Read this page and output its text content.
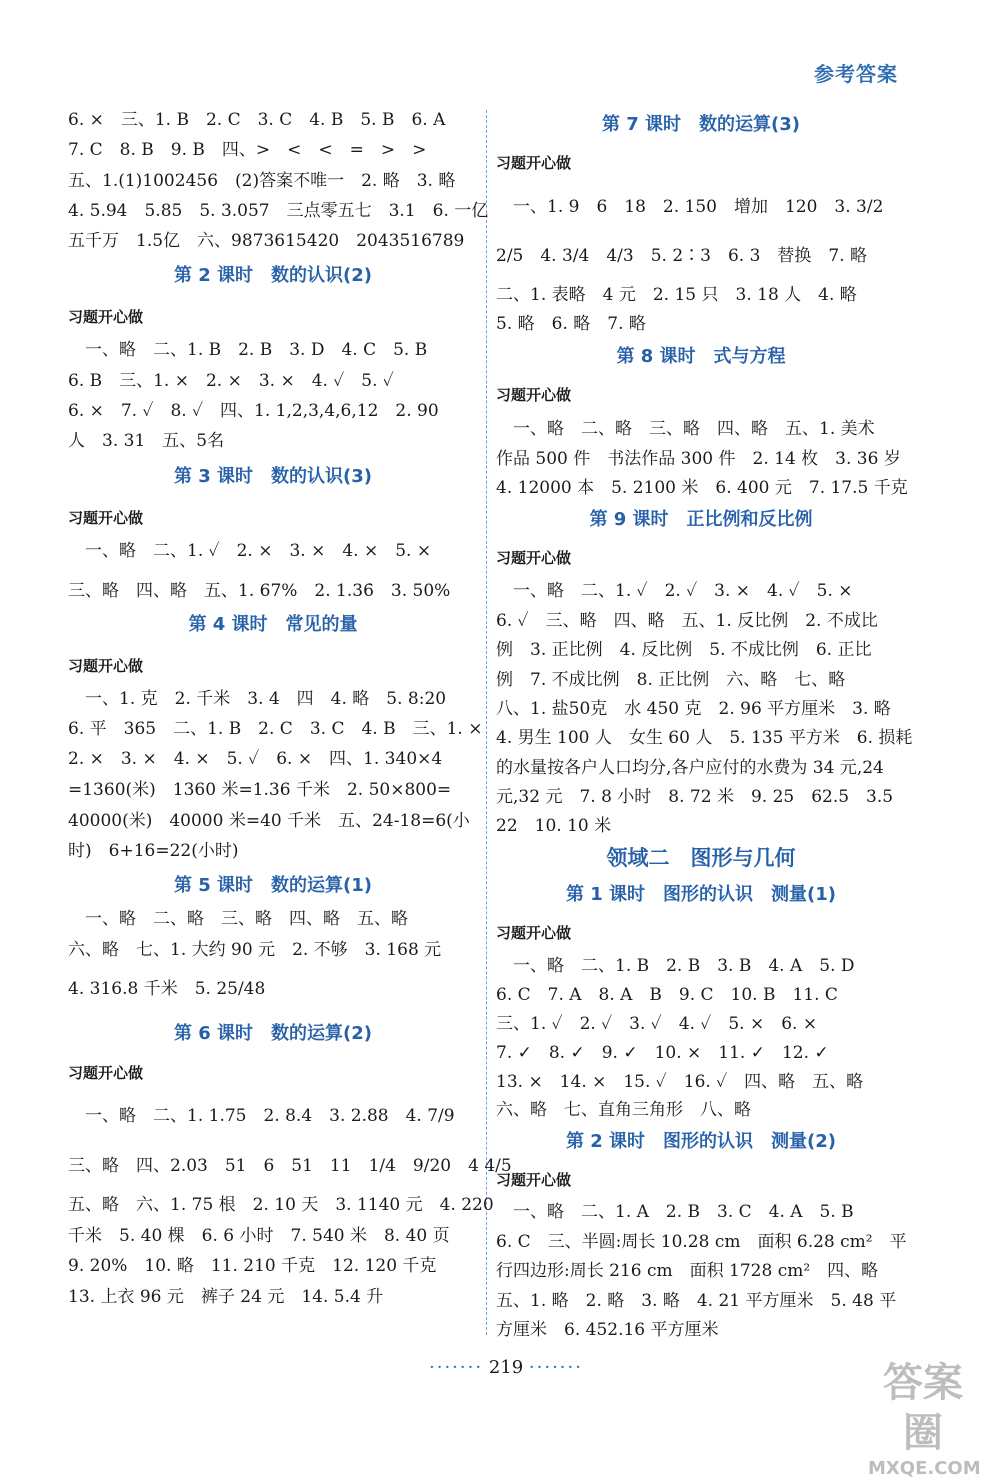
参考答案
6. ×　三、1. B　2. C　3. C　4. B　5. B　6. A
7. C　8. B　9. B　四、>　<　<　=　>　>
五、1.(1)1002456　(2)答案不唯一　2. 略　3. 略
4. 5.94　5.85　5. 3.057　三点零五七　3.1　6. 一亿
五千万　1.5亿　六、9873615420　2043516789
第 2 课时　数的认识(2)
习题开心做
　一、略　二、1. B　2. B　3. D　4. C　5. B
6. B　三、1. ×　2. ×　3. ×　4. ✓　5. ✓
6. ×　7. ✓　8. ✓　四、1. 1,2,3,4,6,12　2. 90
人　3. 31　五、5名
第 3 课时　数的认识(3)
习题开心做
　一、略　二、1. ✓　2. ×　3. ×　4. ×　5. ×
三、略　四、略　五、1. 67%　2. 1.36̇　3. 50%
第 4 课时　常见的量
习题开心做
　一、1. 克　2. 千米　3. 4　四　4. 略　5. 8:20
6. 平　365　二、1. B　2. C　3. C　4. B　三、1. ×
2. ×　3. ×　4. ×　5. ✓　6. ×　四、1. 340×4
=1360(米)　1360 米=1.36 千米　2. 50×800=
40000(米)　40000 米=40 千米　五、24-18=6(小
时)　6+16=22(小时)
第 5 课时　数的运算(1)
　一、略　二、略　三、略　四、略　五、略
六、略　七、1. 大约 90 元　2. 不够　3. 168 元
4. 316.8 千米　5. 25/48
第 6 课时　数的运算(2)
习题开心做
　一、略　二、1. 1.75　2. 8.4　3. 2.88　4. 7/9
三、略　四、2.03　51　6　51　11　1/4　9/20　4 4/5
五、略　六、1. 75 根　2. 10 天　3. 1140 元　4. 220
千米　5. 40 棵　6. 6 小时　7. 540 米　8. 40 页
9. 20%　10. 略　11. 210 千克　12. 120 千克
13. 上衣 96 元　裤子 24 元　14. 5.4 升
第 7 课时　数的运算(3)
习题开心做
　一、1. 9　6　18　2. 150　增加　120　3. 3/2
2/5　4. 3/4　4/3　5. 2∶3　6. 3　替换　7. 略
二、1. 表略　4 元　2. 15 只　3. 18 人　4. 略
5. 略　6. 略　7. 略
第 8 课时　式与方程
习题开心做
　一、略　二、略　三、略　四、略　五、1. 美术
作品 500 件　书法作品 300 件　2. 14 枚　3. 36 岁
4. 12000 本　5. 2100 米　6. 400 元　7. 17.5 千克
第 9 课时　正比例和反比例
习题开心做
　一、略　二、1. ✓　2. ✓　3. ×　4. ✓　5. ×
6. ✓　三、略　四、略　五、1. 反比例　2. 不成比
例　3. 正比例　4. 反比例　5. 不成比例　6. 正比
例　7. 不成比例　8. 正比例　六、略　七、略
八、1. 盐50克　水 450 克　2. 96 平方厘米　3. 略
4. 男生 100 人　女生 60 人　5. 135 平方米　6. 损耗
的水量按各户人口均分,各户应付的水费为 34 元,24
元,32 元　7. 8 小时　8. 72 米　9. 25　62.5　3.5
22　10. 10 米
领域二　图形与几何
第 1 课时　图形的认识　测量(1)
习题开心做
　一、略　二、1. B　2. B　3. B　4. A　5. D
6. C　7. A　8. A　B　9. C　10. B　11. C
三、1. ✓　2. ✓　3. ✓　4. ✓　5. ×　6. ×
7. ✓　8. ✓　9. ✓　10. ×　11. ✓　12. ✓
13. ×　14. ×　15. ✓　16. ✓　四、略　五、略
六、略　七、直角三角形　八、略
第 2 课时　图形的认识　测量(2)
习题开心做
　一、略　二、1. A　2. B　3. C　4. A　5. B
6. C　三、半圆:周长 10.28 cm　面积 6.28 cm²　平
行四边形:周长 216 cm　面积 1728 cm²　四、略
五、1. 略　2. 略　3. 略　4. 21 平方厘米　5. 48 平
方厘米　6. 452.16 平方厘米
······· 219 ·······	答案圈
MXQE.COM
